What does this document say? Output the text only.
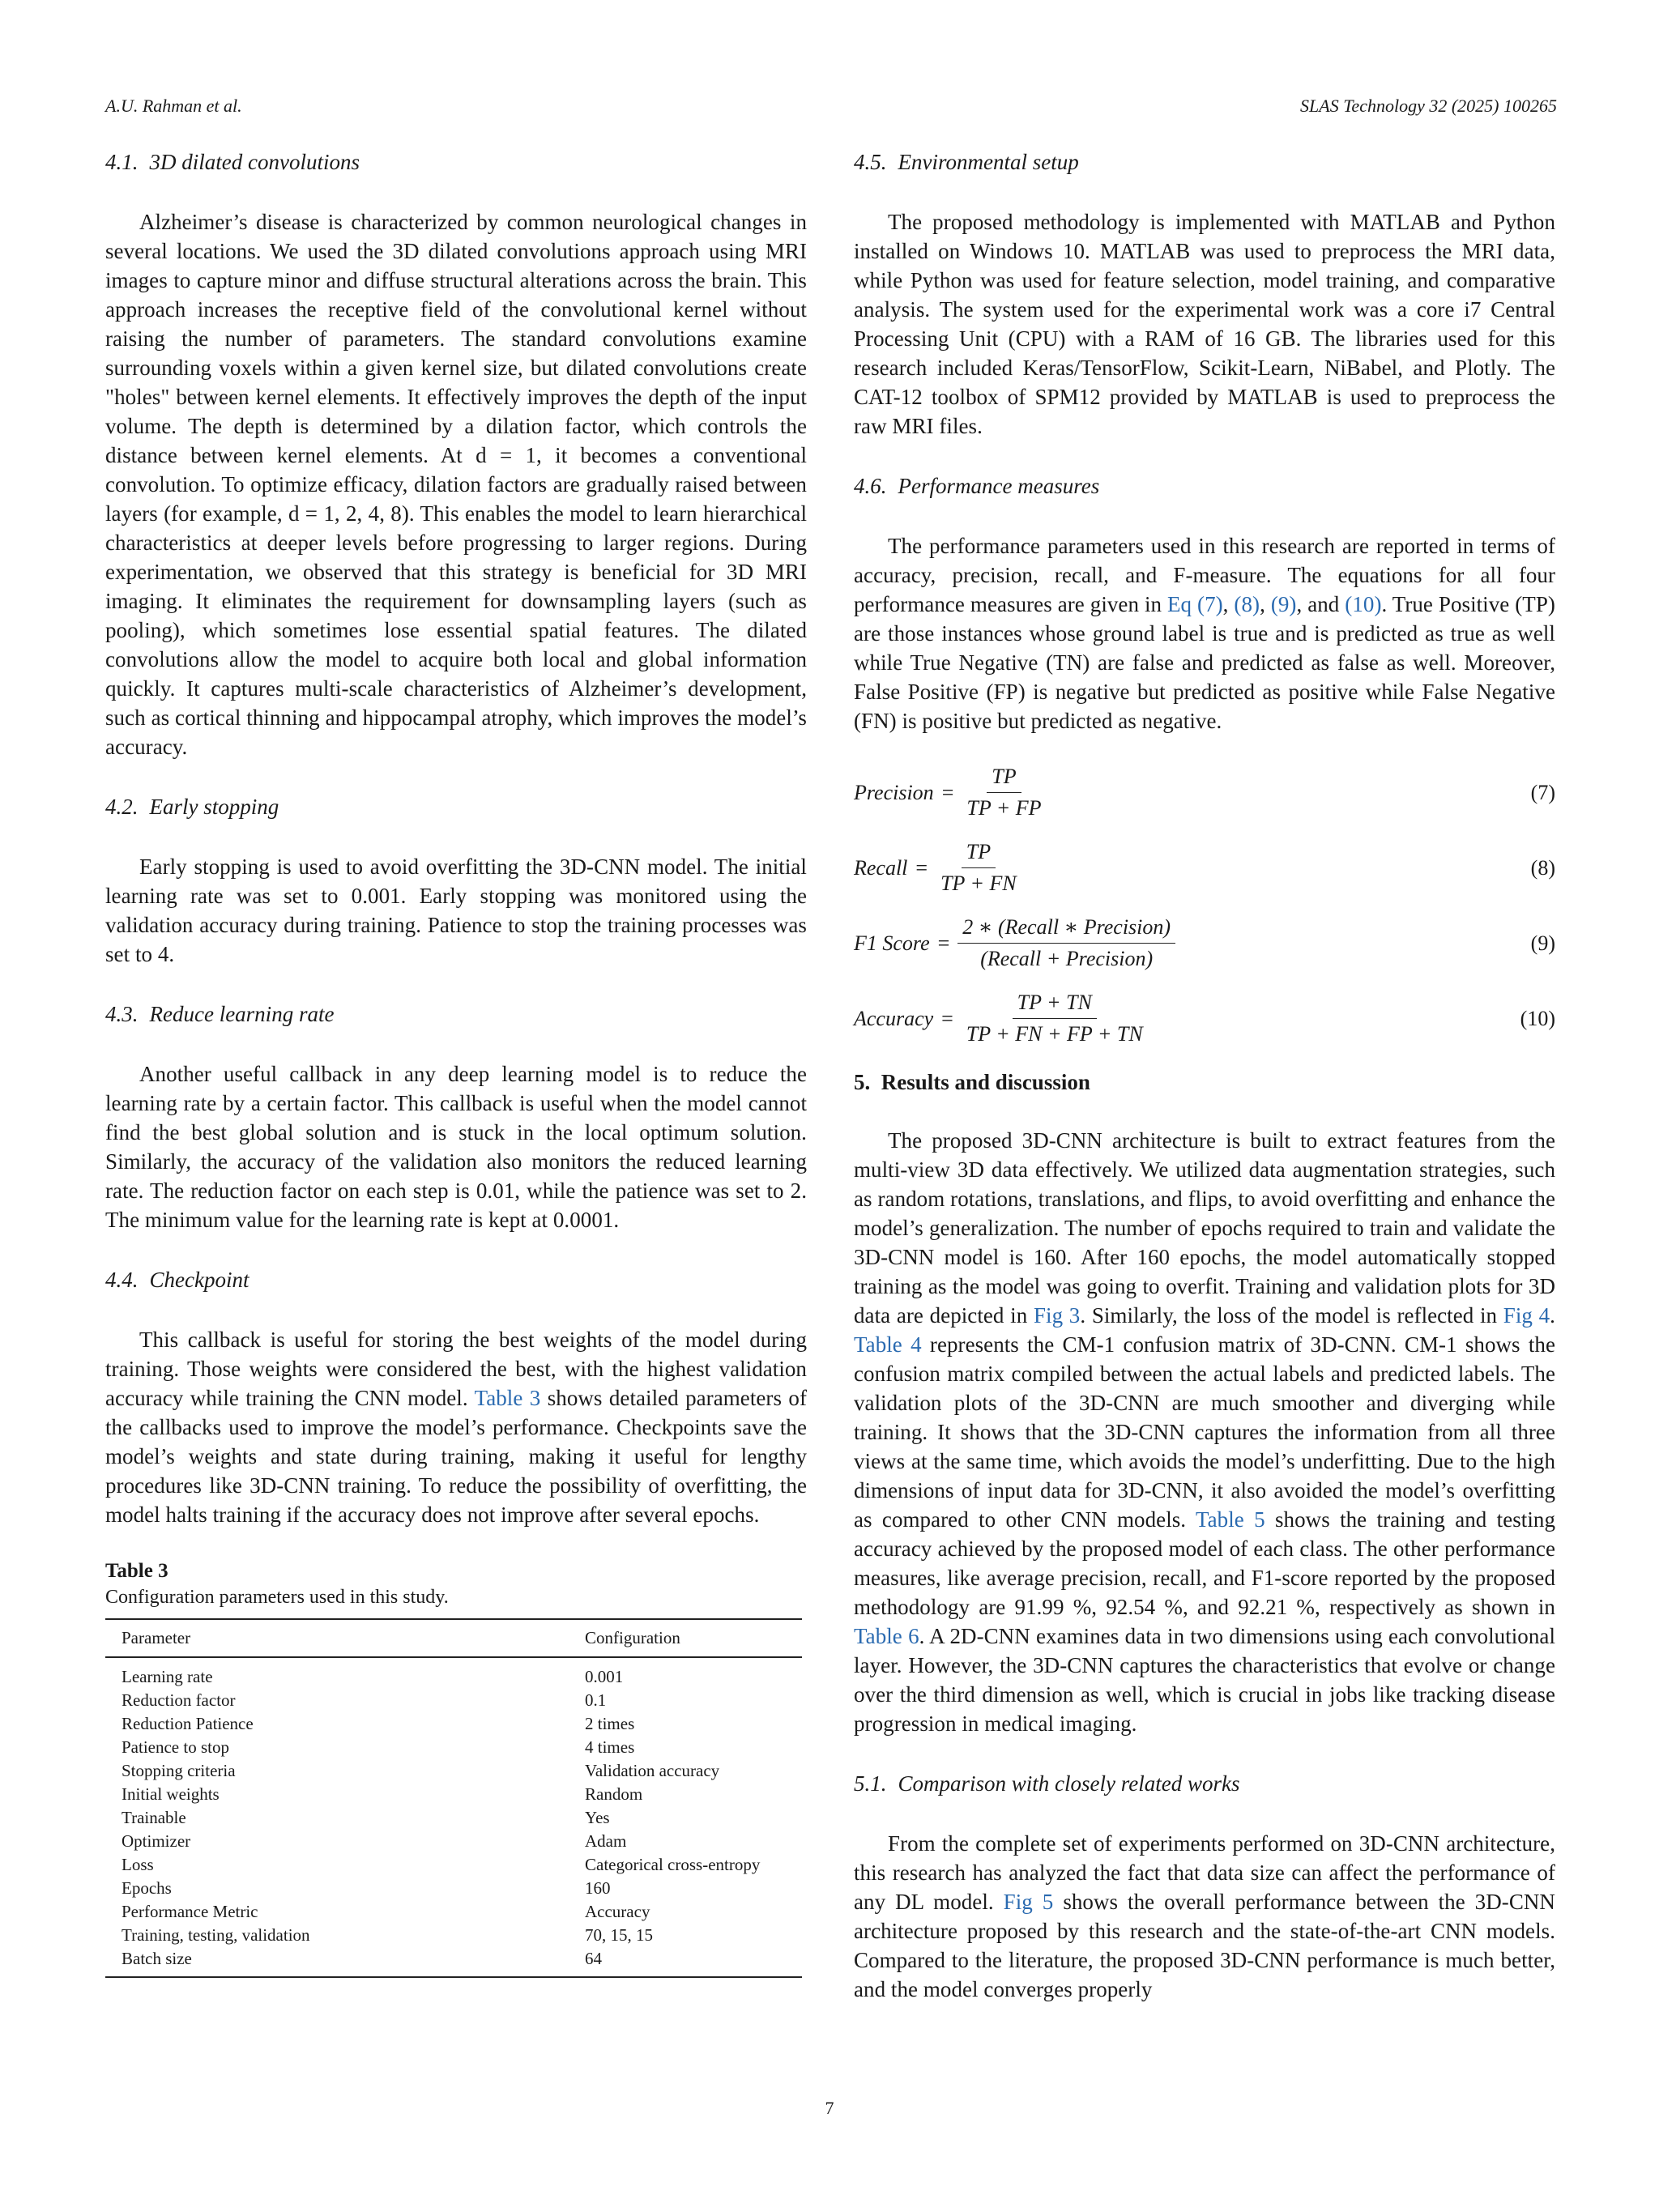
A.U. Rahman et al.	SLAS Technology 32 (2025) 100265
4.1. 3D dilated convolutions

Alzheimer’s disease is characterized by common neurological changes in several locations. We used the 3D dilated convolutions approach using MRI images to capture minor and diffuse structural alterations across the brain. This approach increases the receptive field of the convolutional kernel without raising the number of parameters. The standard convolutions examine surrounding voxels within a given kernel size, but dilated convolutions create "holes" between kernel elements. It effectively improves the depth of the input volume. The depth is determined by a dilation factor, which controls the distance between kernel elements. At d = 1, it becomes a conventional convolution. To optimize efficacy, dilation factors are gradually raised between layers (for example, d = 1, 2, 4, 8). This enables the model to learn hierarchical characteristics at deeper levels before progressing to larger regions. During experimentation, we observed that this strategy is beneficial for 3D MRI imaging. It eliminates the requirement for downsampling layers (such as pooling), which sometimes lose essential spatial features. The dilated convolutions allow the model to acquire both local and global information quickly. It captures multi-scale characteristics of Alzheimer’s development, such as cortical thinning and hippocampal atrophy, which improves the model’s accuracy.

4.2. Early stopping

Early stopping is used to avoid overfitting the 3D-CNN model. The initial learning rate was set to 0.001. Early stopping was monitored using the validation accuracy during training. Patience to stop the training processes was set to 4.

4.3. Reduce learning rate

Another useful callback in any deep learning model is to reduce the learning rate by a certain factor. This callback is useful when the model cannot find the best global solution and is stuck in the local optimum solution. Similarly, the accuracy of the validation also monitors the reduced learning rate. The reduction factor on each step is 0.01, while the patience was set to 2. The minimum value for the learning rate is kept at 0.0001.

4.4. Checkpoint

This callback is useful for storing the best weights of the model during training. Those weights were considered the best, with the highest validation accuracy while training the CNN model. Table 3 shows detailed parameters of the callbacks used to improve the model’s performance. Checkpoints save the model’s weights and state during training, making it useful for lengthy procedures like 3D-CNN training. To reduce the possibility of overfitting, the model halts training if the accuracy does not improve after several epochs.

Table 3
Configuration parameters used in this study.
Parameter	Configuration
Learning rate	0.001
Reduction factor	0.1
Reduction Patience	2 times
Patience to stop	4 times
Stopping criteria	Validation accuracy
Initial weights	Random
Trainable	Yes
Optimizer	Adam
Loss	Categorical cross-entropy
Epochs	160
Performance Metric	Accuracy
Training, testing, validation	70, 15, 15
Batch size	64
4.5. Environmental setup

The proposed methodology is implemented with MATLAB and Python installed on Windows 10. MATLAB was used to preprocess the MRI data, while Python was used for feature selection, model training, and comparative analysis. The system used for the experimental work was a core i7 Central Processing Unit (CPU) with a RAM of 16 GB. The libraries used for this research included Keras/TensorFlow, Scikit-Learn, NiBabel, and Plotly. The CAT-12 toolbox of SPM12 provided by MATLAB is used to preprocess the raw MRI files.

4.6. Performance measures

The performance parameters used in this research are reported in terms of accuracy, precision, recall, and F-measure. The equations for all four performance measures are given in Eq (7), (8), (9), and (10). True Positive (TP) are those instances whose ground label is true and is predicted as true as well while True Negative (TN) are false and predicted as false as well. Moreover, False Positive (FP) is negative but predicted as positive while False Negative (FN) is positive but predicted as negative.

Precision = $\frac{TP}{TP + FP}$	(7)
Recall = $\frac{TP}{TP + FN}$	(8)
F1 Score = $\frac{\text{2 ∗ (Recall ∗ Precision)}}{\text{(Recall + Precision)}}$	(9)
Accuracy = $\frac{TP + TN}{TP + FN + FP + TN}$	(10)
5. Results and discussion

The proposed 3D-CNN architecture is built to extract features from the multi-view 3D data effectively. We utilized data augmentation strategies, such as random rotations, translations, and flips, to avoid overfitting and enhance the model’s generalization. The number of epochs required to train and validate the 3D-CNN model is 160. After 160 epochs, the model automatically stopped training as the model was going to overfit. Training and validation plots for 3D data are depicted in Fig 3. Similarly, the loss of the model is reflected in Fig 4. Table 4 represents the CM-1 confusion matrix of 3D-CNN. CM-1 shows the confusion matrix compiled between the actual labels and predicted labels. The validation plots of the 3D-CNN are much smoother and diverging while training. It shows that the 3D-CNN captures the information from all three views at the same time, which avoids the model’s underfitting. Due to the high dimensions of input data for 3D-CNN, it also avoided the model’s overfitting as compared to other CNN models. Table 5 shows the training and testing accuracy achieved by the proposed model of each class. The other performance measures, like average precision, recall, and F1-score reported by the proposed methodology are 91.99 %, 92.54 %, and 92.21 %, respectively as shown in Table 6. A 2D-CNN examines data in two dimensions using each convolutional layer. However, the 3D-CNN captures the characteristics that evolve or change over the third dimension as well, which is crucial in jobs like tracking disease progression in medical imaging.

5.1. Comparison with closely related works

From the complete set of experiments performed on 3D-CNN architecture, this research has analyzed the fact that data size can affect the performance of any DL model. Fig 5 shows the overall performance between the 3D-CNN architecture proposed by this research and the state-of-the-art CNN models. Compared to the literature, the proposed 3D-CNN performance is much better, and the model converges properly

7
